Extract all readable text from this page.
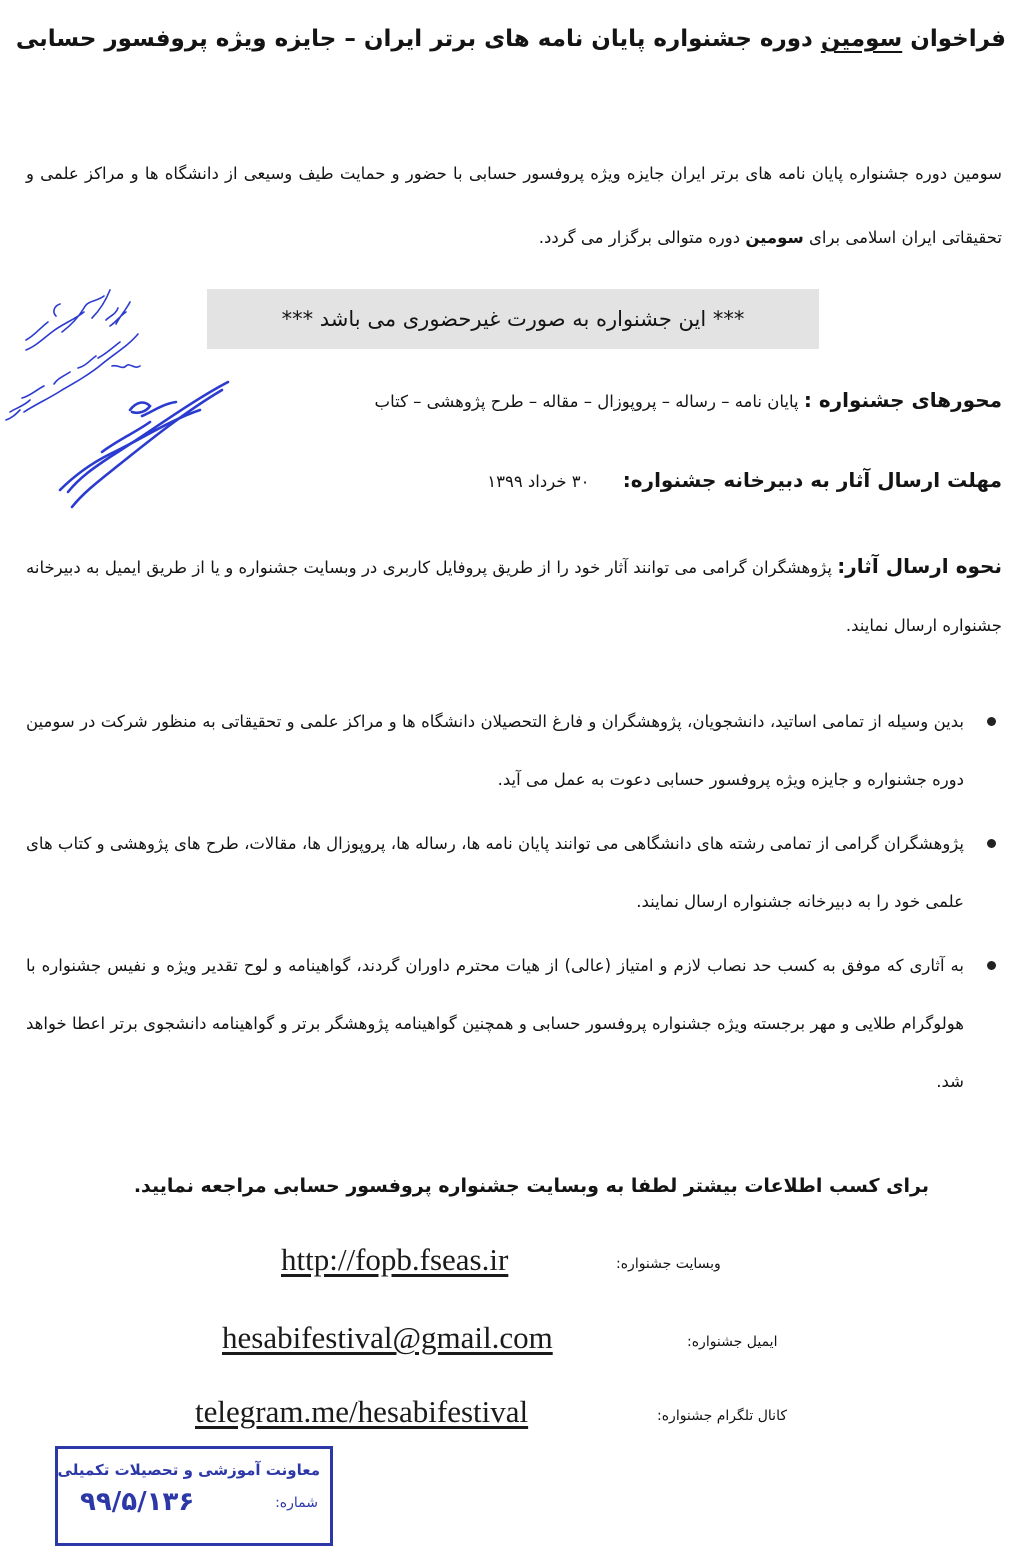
فراخوان سومین دوره جشنواره پایان نامه های برتر ایران – جایزه ویژه پروفسور حسابی
سومین دوره جشنواره پایان نامه های برتر ایران جایزه ویژه پروفسور حسابی با حضور و حمایت طیف وسیعی از دانشگاه ها و مراکز علمی و تحقیقاتی ایران اسلامی برای سومین دوره متوالی برگزار می گردد.
*** این جشنواره به صورت غیرحضوری می باشد ***
محورهای جشنواره : پایان نامه – رساله – پروپوزال – مقاله – طرح پژوهشی – کتاب
مهلت ارسال آثار به دبیرخانه جشنواره: ۳۰ خرداد ۱۳۹۹
نحوه ارسال آثار: پژوهشگران گرامی می توانند آثار خود را از طریق پروفایل کاربری در وبسایت جشنواره و یا از طریق ایمیل به دبیرخانه جشنواره ارسال نمایند.
بدین وسیله از تمامی اساتید، دانشجویان، پژوهشگران و فارغ التحصیلان دانشگاه ها و مراکز علمی و تحقیقاتی به منظور شرکت در سومین دوره جشنواره و جایزه ویژه پروفسور حسابی دعوت به عمل می آید.
پژوهشگران گرامی از تمامی رشته های دانشگاهی می توانند پایان نامه ها، رساله ها، پروپوزال ها، مقالات، طرح های پژوهشی و کتاب های علمی خود را به دبیرخانه جشنواره ارسال نمایند.
به آثاری که موفق به کسب حد نصاب لازم و امتیاز (عالی) از هیات محترم داوران گردند، گواهینامه و لوح تقدیر ویژه و نفیس جشنواره با هولوگرام طلایی و مهر برجسته ویژه جشنواره پروفسور حسابی و همچنین گواهینامه پژوهشگر برتر و گواهینامه دانشجوی برتر اعطا خواهد شد.
برای کسب اطلاعات بیشتر لطفا به وبسایت جشنواره پروفسور حسابی مراجعه نمایید.
http://fopb.fseas.ir	وبسایت جشنواره:
hesabifestival@gmail.com	ایمیل جشنواره:
telegram.me/hesabifestival	کانال تلگرام جشنواره:
معاونت آموزشی و تحصیلات تکمیلی
شماره:
۹۹/۵/۱۳۶
